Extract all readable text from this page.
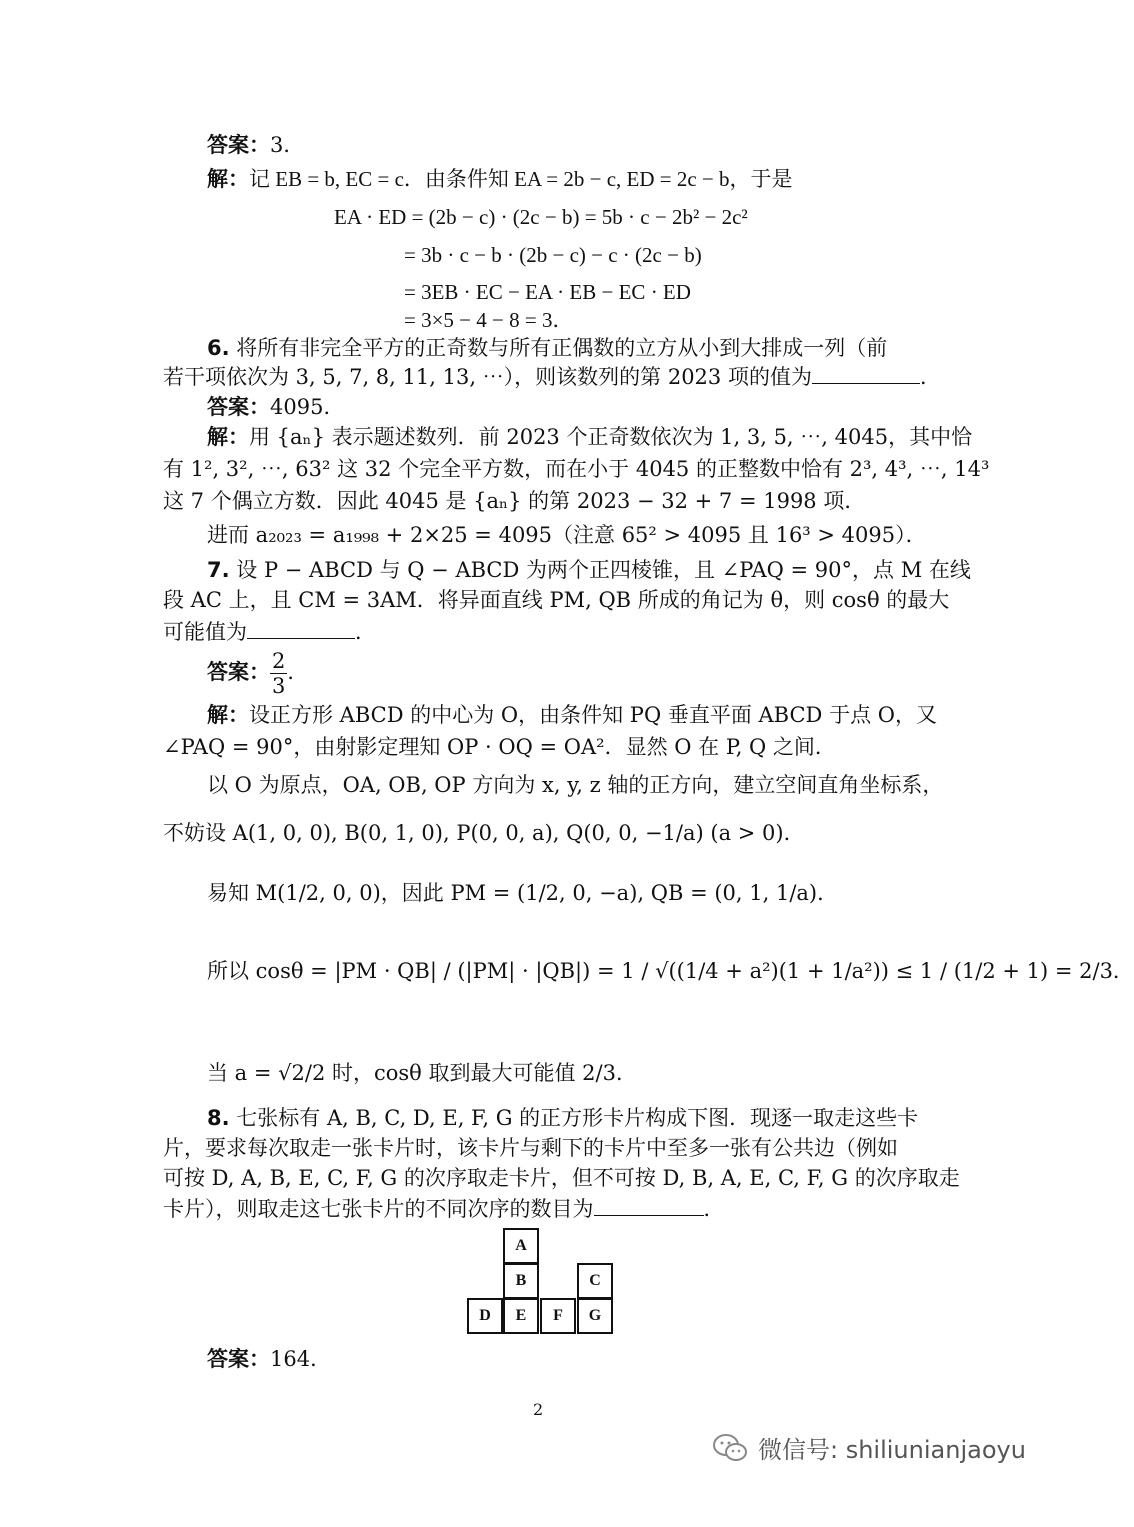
答案：3．
解：记 EB = b, EC = c．由条件知 EA = 2b − c, ED = 2c − b，于是
EA · ED = (2b − c) · (2c − b) = 5b · c − 2b² − 2c²
= 3b · c − b · (2b − c) − c · (2c − b)
= 3EB · EC − EA · EB − EC · ED
= 3×5 − 4 − 8 = 3．
6. 将所有非完全平方的正奇数与所有正偶数的立方从小到大排成一列（前
若干项依次为 3, 5, 7, 8, 11, 13, ⋯），则该数列的第 2023 项的值为	．
答案：4095．
解：用 {aₙ} 表示题述数列．前 2023 个正奇数依次为 1, 3, 5, ⋯, 4045，其中恰
有 1², 3², ⋯, 63² 这 32 个完全平方数，而在小于 4045 的正整数中恰有 2³, 4³, ⋯, 14³
这 7 个偶立方数．因此 4045 是 {aₙ} 的第 2023 − 32 + 7 = 1998 项．
进而 a₂₀₂₃ = a₁₉₉₈ + 2×25 = 4095（注意 65² > 4095 且 16³ > 4095）．
7. 设 P − ABCD 与 Q − ABCD 为两个正四棱锥，且 ∠PAQ = 90°，点 M 在线
段 AC 上，且 CM = 3AM．将异面直线 PM, QB 所成的角记为 θ，则 cosθ 的最大
可能值为	．
答案： $\frac{2}{3}$ ．
解：设正方形 ABCD 的中心为 O，由条件知 PQ 垂直平面 ABCD 于点 O，又
∠PAQ = 90°，由射影定理知 OP · OQ = OA²．显然 O 在 P, Q 之间．
以 O 为原点，OA, OB, OP 方向为 x, y, z 轴的正方向，建立空间直角坐标系，
不妨设 A(1, 0, 0), B(0, 1, 0), P(0, 0, a), Q(0, 0, −1/a) (a > 0)．
易知 M(1/2, 0, 0)，因此 PM = (1/2, 0, −a), QB = (0, 1, 1/a)．
所以 cosθ = |PM · QB| / (|PM| · |QB|) = 1 / √((1/4 + a²)(1 + 1/a²)) ≤ 1 / (1/2 + 1) = 2/3．
当 a = √2/2 时，cosθ 取到最大可能值 2/3．
8. 七张标有 A, B, C, D, E, F, G 的正方形卡片构成下图．现逐一取走这些卡
片，要求每次取走一张卡片时，该卡片与剩下的卡片中至多一张有公共边（例如
可按 D, A, B, E, C, F, G 的次序取走卡片，但不可按 D, B, A, E, C, F, G 的次序取走
卡片），则取走这七张卡片的不同次序的数目为	．
A
B	C
D	E	F	G
答案：164．
2
微信号: shiliunianjaoyu
